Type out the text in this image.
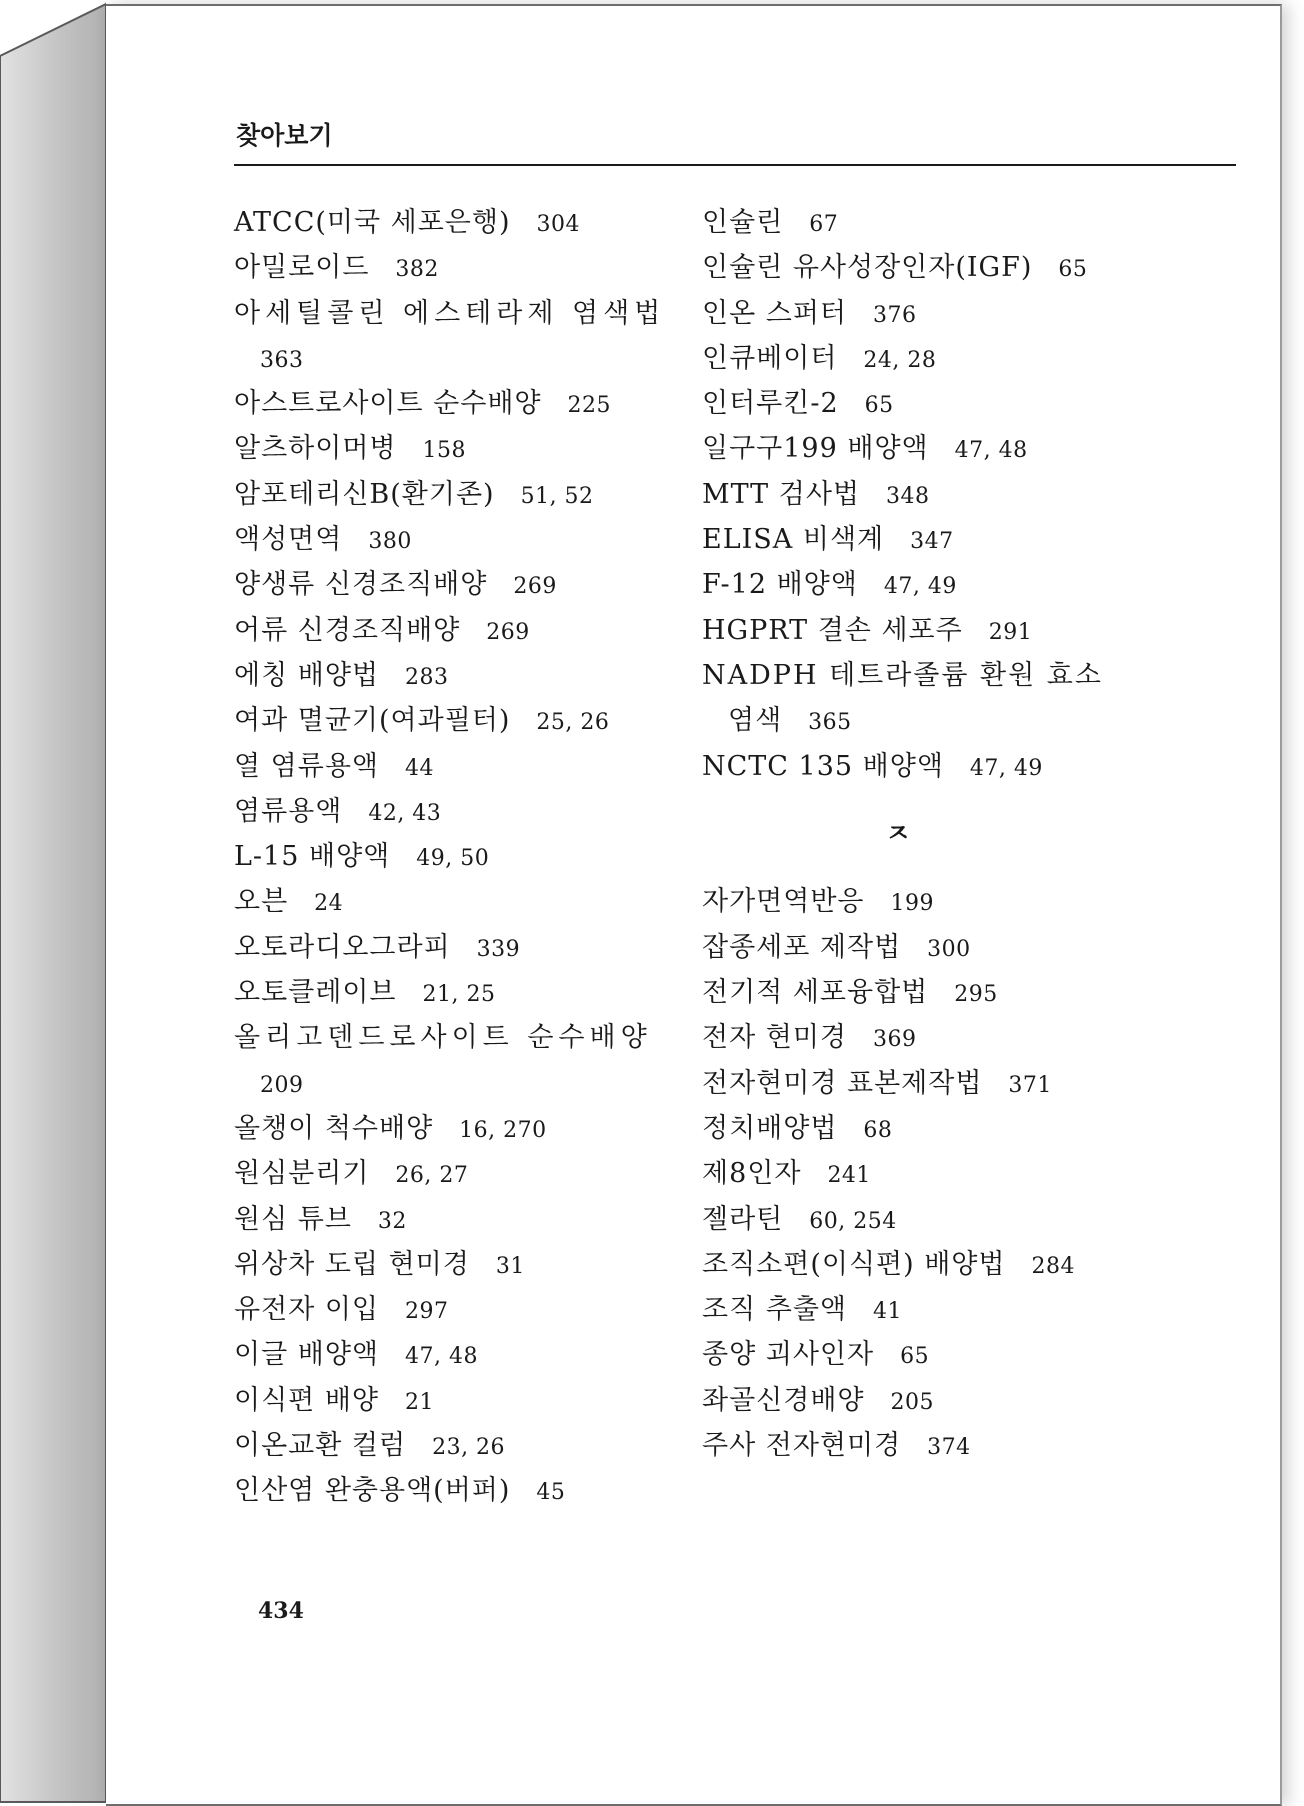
찾아보기
ATCC(미국 세포은행) 304
아밀로이드 382
아세틸콜린 에스테라제 염색법
363
아스트로사이트 순수배양 225
알츠하이머병 158
암포테리신B(환기존) 51, 52
액성면역 380
양생류 신경조직배양 269
어류 신경조직배양 269
에칭 배양법 283
여과 멸균기(여과필터) 25, 26
열 염류용액 44
염류용액 42, 43
L-15 배양액 49, 50
오븐 24
오토라디오그라피 339
오토클레이브 21, 25
올리고덴드로사이트 순수배양
209
올챙이 척수배양 16, 270
원심분리기 26, 27
원심 튜브 32
위상차 도립 현미경 31
유전자 이입 297
이글 배양액 47, 48
이식편 배양 21
이온교환 컬럼 23, 26
인산염 완충용액(버퍼) 45
인슐린 67
인슐린 유사성장인자(IGF) 65
인온 스퍼터 376
인큐베이터 24, 28
인터루킨-2 65
일구구199 배양액 47, 48
MTT 검사법 348
ELISA 비색계 347
F-12 배양액 47, 49
HGPRT 결손 세포주 291
NADPH 테트라졸륨 환원 효소
염색 365
NCTC 135 배양액 47, 49
ㅈ
자가면역반응 199
잡종세포 제작법 300
전기적 세포융합법 295
전자 현미경 369
전자현미경 표본제작법 371
정치배양법 68
제8인자 241
젤라틴 60, 254
조직소편(이식편) 배양법 284
조직 추출액 41
종양 괴사인자 65
좌골신경배양 205
주사 전자현미경 374
434
